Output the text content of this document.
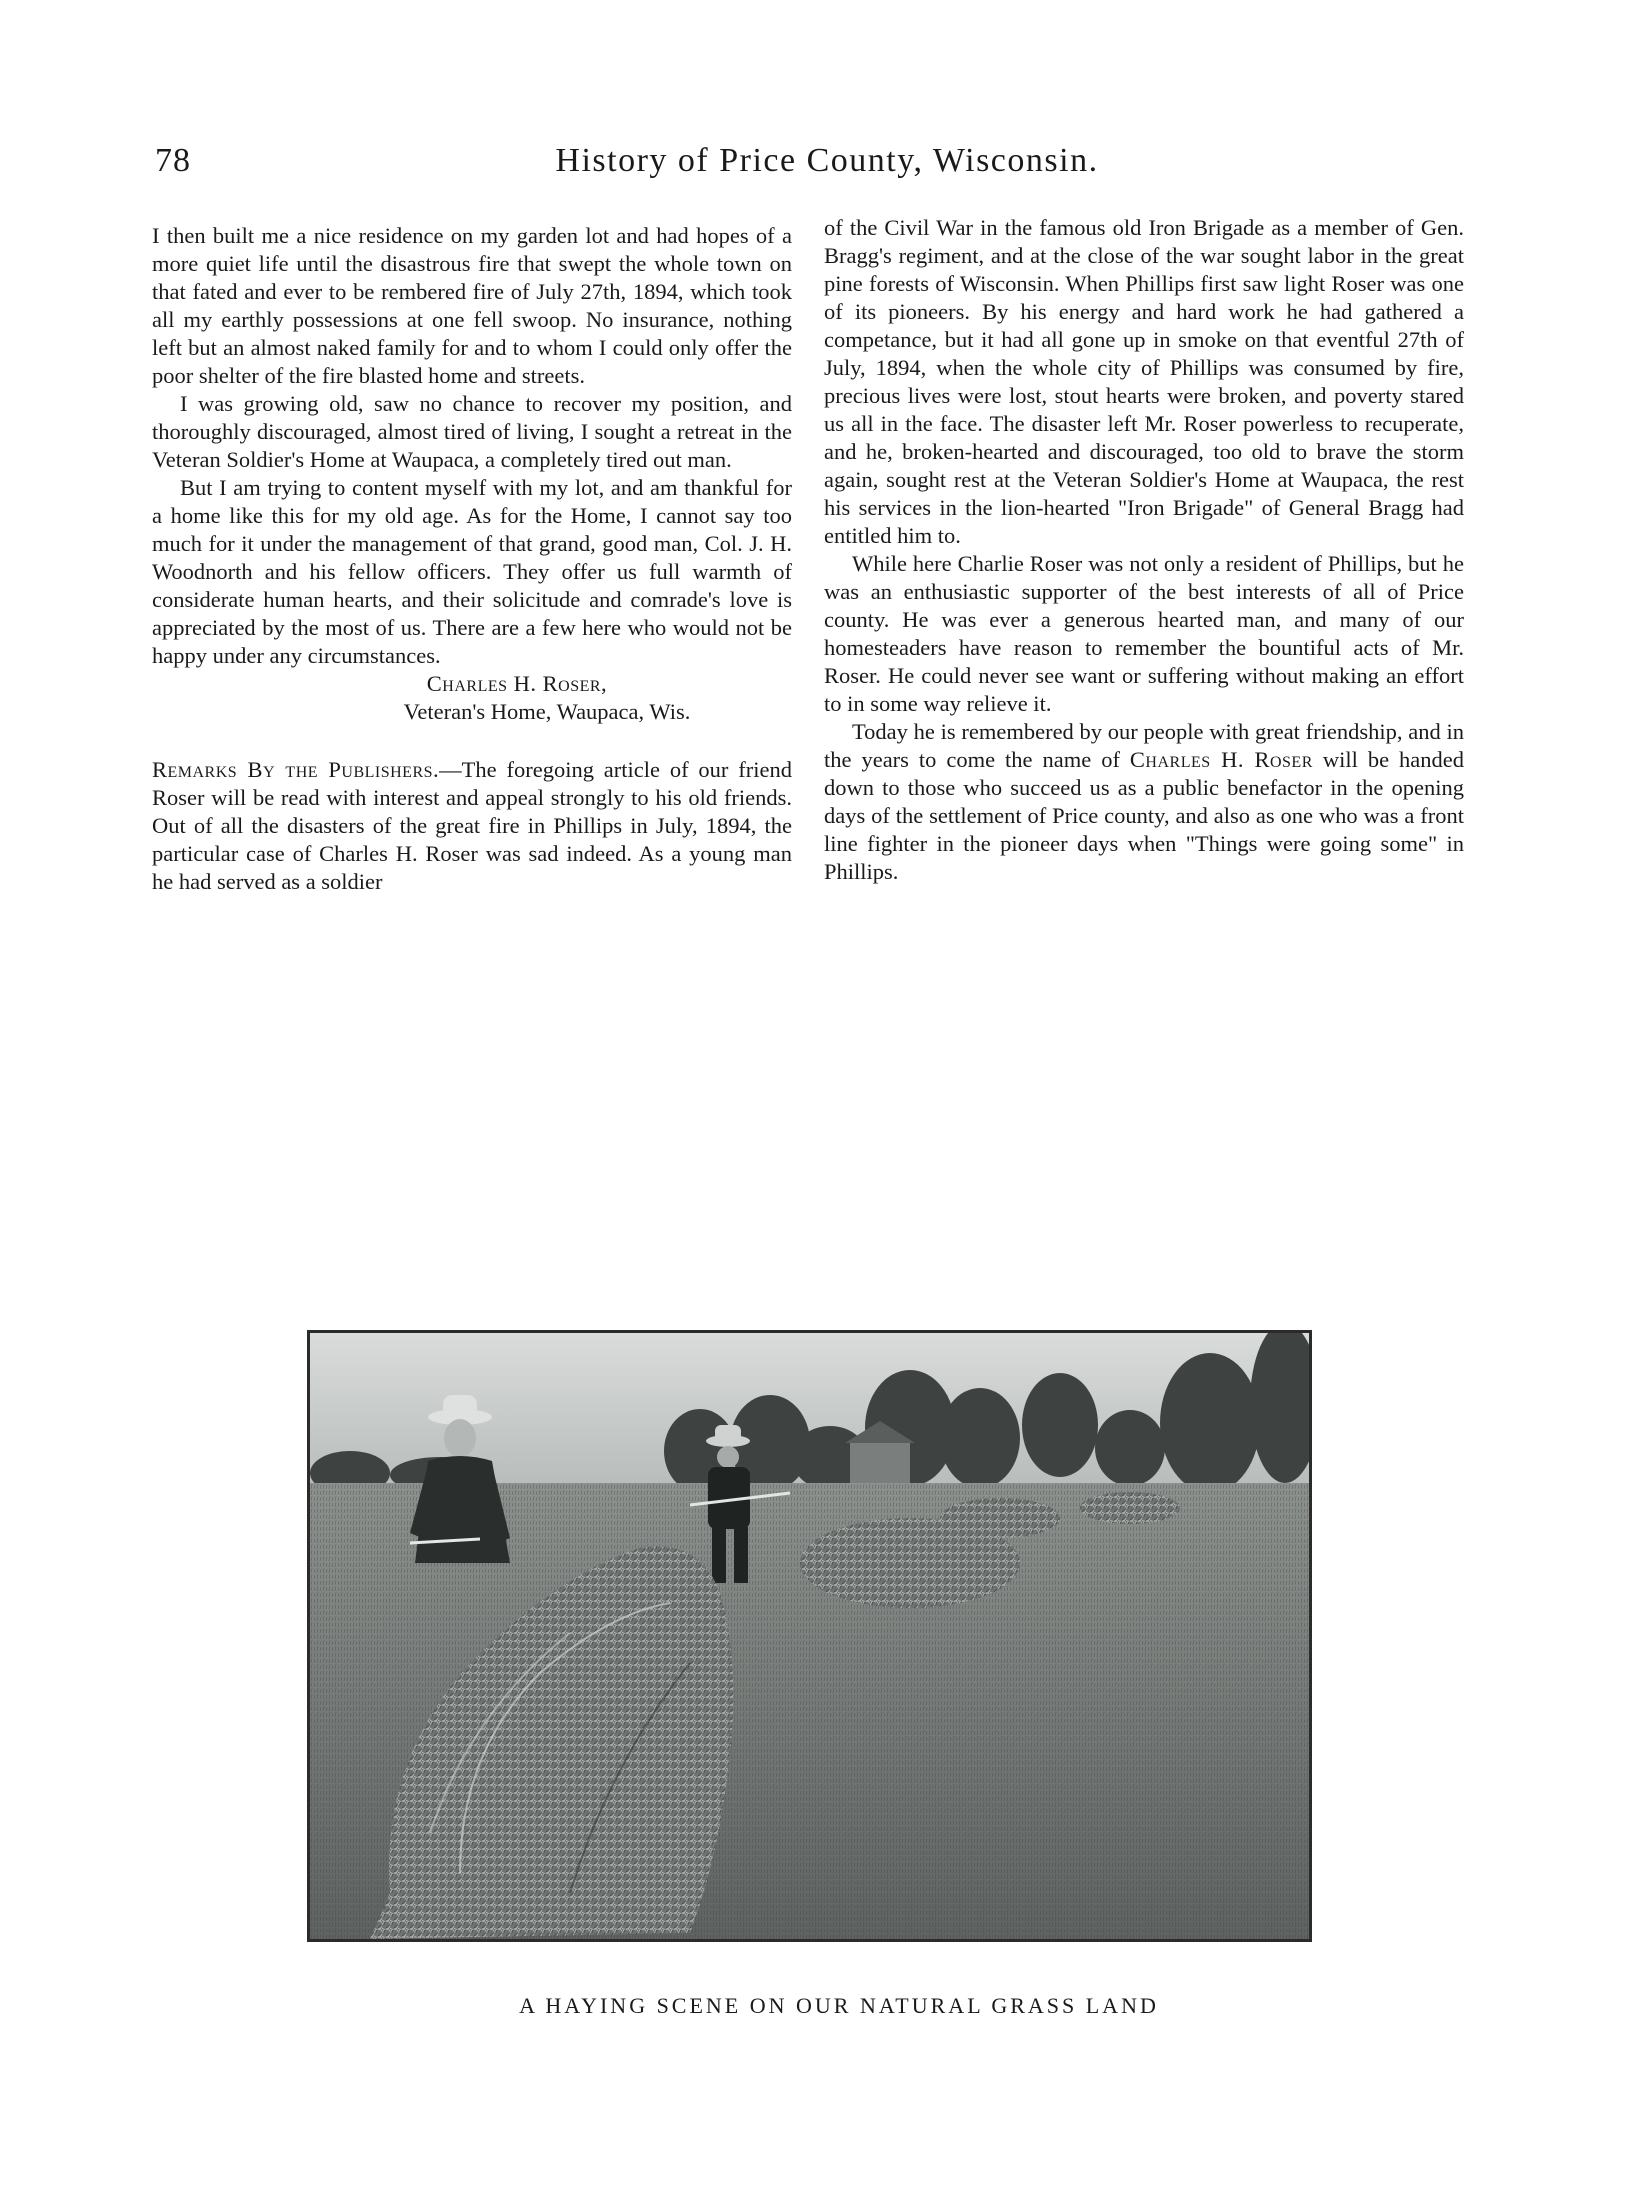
78	History of Price County, Wisconsin.

I then built me a nice residence on my garden lot and had hopes of a more quiet life until the disastrous fire that swept the whole town on that fated and ever to be rembered fire of July 27th, 1894, which took all my earthly possessions at one fell swoop. No insurance, nothing left but an almost naked family for and to whom I could only offer the poor shelter of the fire blasted home and streets.

I was growing old, saw no chance to recover my position, and thoroughly discouraged, almost tired of living, I sought a retreat in the Veteran Soldier's Home at Waupaca, a completely tired out man.

But I am trying to content myself with my lot, and am thankful for a home like this for my old age. As for the Home, I cannot say too much for it under the management of that grand, good man, Col. J. H. Woodnorth and his fellow officers. They offer us full warmth of considerate human hearts, and their solicitude and comrade's love is appreciated by the most of us. There are a few here who would not be happy under any circumstances.

Charles H. Roser,

Veteran's Home, Waupaca, Wis.

Remarks By the Publishers.—The foregoing article of our friend Roser will be read with interest and appeal strongly to his old friends. Out of all the disasters of the great fire in Phillips in July, 1894, the particular case of Charles H. Roser was sad indeed. As a young man he had served as a soldier

of the Civil War in the famous old Iron Brigade as a member of Gen. Bragg's regiment, and at the close of the war sought labor in the great pine forests of Wisconsin. When Phillips first saw light Roser was one of its pioneers. By his energy and hard work he had gathered a competance, but it had all gone up in smoke on that eventful 27th of July, 1894, when the whole city of Phillips was consumed by fire, precious lives were lost, stout hearts were broken, and poverty stared us all in the face. The disaster left Mr. Roser powerless to recuperate, and he, broken-hearted and discouraged, too old to brave the storm again, sought rest at the Veteran Soldier's Home at Waupaca, the rest his services in the lion-hearted "Iron Brigade" of General Bragg had entitled him to.

While here Charlie Roser was not only a resident of Phillips, but he was an enthusiastic supporter of the best interests of all of Price county. He was ever a generous hearted man, and many of our homesteaders have reason to remember the bountiful acts of Mr. Roser. He could never see want or suffering without making an effort to in some way relieve it.

Today he is remembered by our people with great friendship, and in the years to come the name of Charles H. Roser will be handed down to those who succeed us as a public benefactor in the opening days of the settlement of Price county, and also as one who was a front line fighter in the pioneer days when "Things were going some" in Phillips.

A HAYING SCENE ON OUR NATURAL GRASS LAND
